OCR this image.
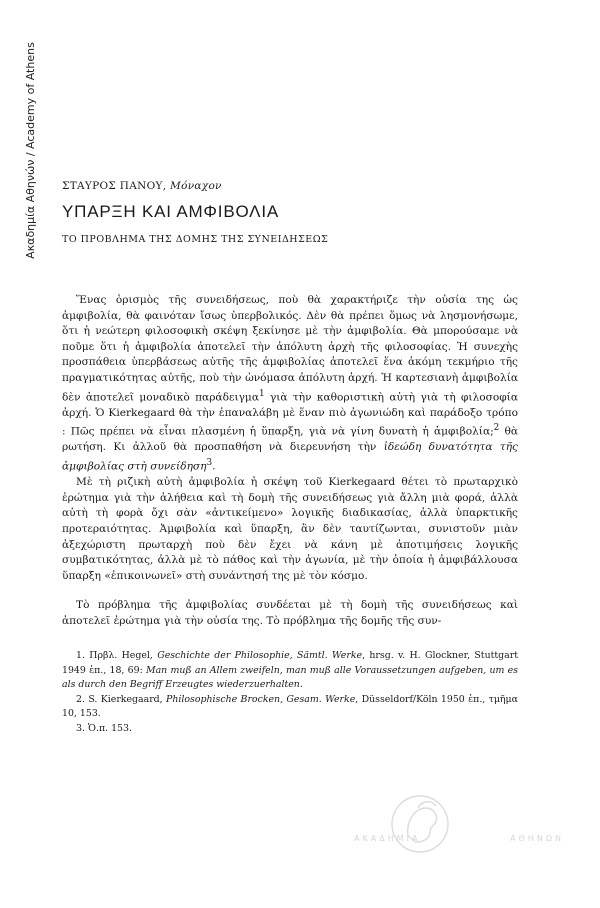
Ακαδημία Αθηνών / Academy of Athens ΣΤΑΥΡΟΣ ΠΑΝΟΥ, Μόναχον
ΥΠΑΡΞΗ ΚΑΙ ΑΜΦΙΒΟΛΙΑ

ΤΟ ΠΡΟΒΛΗΜΑ ΤΗΣ ΔΟΜΗΣ ΤΗΣ ΣΥΝΕΙΔΗΣΕΩΣ

Ἕνας ὁρισμὸς τῆς συνειδήσεως, ποὺ θὰ χαρακτήριζε τὴν οὐσία της ὡς ἀμφιβολία, θὰ φαινόταν ἴσως ὑπερβολικός. Δὲν θὰ πρέπει ὅμως νὰ λησμονήσωμε, ὅτι ἡ νεώτερη φιλοσοφικὴ σκέψη ξεκίνησε μὲ τὴν ἀμφιβολία. Θὰ μπορούσαμε νὰ ποῦμε ὅτι ἡ ἀμφιβολία ἀποτελεῖ τὴν ἀπόλυτη ἀρχὴ τῆς φιλοσοφίας. Ἡ συνεχὴς προσπάθεια ὑπερβάσεως αὐτῆς τῆς ἀμφιβολίας ἀποτελεῖ ἕνα ἀκόμη τεκμήριο τῆς πραγματικότητας αὐτῆς, ποὺ τὴν ὠνόμασα ἀπόλυτη ἀρχή. Ἡ καρτεσιανὴ ἀμφιβολία δὲν ἀποτελεῖ μοναδικὸ παράδειγμα$^1$ γιὰ τὴν καθοριστικὴ αὐτὴ γιὰ τὴ φιλοσοφία ἀρχή. Ὁ Kierkegaard θὰ τὴν ἐπαναλάβη μὲ ἕναν πιὸ ἀγωνιώδη καὶ παράδοξο τρόπο : Πῶς πρέπει νὰ εἶναι πλασμένη ἡ ὕπαρξη, γιὰ νὰ γίνη δυνατὴ ἡ ἀμφιβολία;$^2$ θὰ ρωτήση. Κι ἀλλοῦ θὰ προσπαθήση νὰ διερευνήση τὴν ἰδεώδη δυνατότητα τῆς ἀμφιβολίας στὴ συνείδηση$^3$.

Μὲ τὴ ριζικὴ αὐτὴ ἀμφιβολία ἡ σκέψη τοῦ Kierkegaard θέτει τὸ πρωταρχικὸ ἐρώτημα γιὰ τὴν ἀλήθεια καὶ τὴ δομὴ τῆς συνειδήσεως γιὰ ἄλλη μιὰ φορά, ἀλλὰ αὐτὴ τὴ φορὰ ὄχι σὰν «ἀντικείμενο» λογικῆς διαδικασίας, ἀλλὰ ὑπαρκτικῆς προτεραιότητας. Ἀμφιβολία καὶ ὕπαρξη, ἂν δὲν ταυτίζωνται, συνιστοῦν μιὰν ἀξεχώριστη πρωταρχὴ ποὺ δὲν ἔχει νὰ κάνη μὲ ἀποτιμήσεις λογικῆς συμβατικότητας, ἀλλὰ μὲ τὸ πάθος καὶ τὴν ἀγωνία, μὲ τὴν ὁποία ἡ ἀμφιβάλλουσα ὕπαρξη «ἐπικοινωνεῖ» στὴ συνάντησή της μὲ τὸν κόσμο.

Τὸ πρόβλημα τῆς ἀμφιβολίας συνδέεται μὲ τὴ δομὴ τῆς συνειδήσεως καὶ ἀποτελεῖ ἐρώτημα γιὰ τὴν οὐσία της. Τὸ πρόβλημα τῆς δομῆς τῆς συν-

1. Πρβλ. Hegel, Geschichte der Philosophie, Sämtl. Werke, hrsg. v. H. Glockner, Stuttgart 1949 ἑπ., 18, 69: Man muß an Allem zweifeln, man muß alle Voraussetzungen aufgeben, um es als durch den Begriff Erzeugtes wiederzuerhalten.

2. S. Kierkegaard, Philosophische Brocken, Gesam. Werke, Düsseldorf/Köln 1950 ἑπ., τμῆμα 10, 153.

3. Ὁ.π. 153.

ΑΚΑΔΗΜΙΑ	ΑΘΗΝΩΝ
